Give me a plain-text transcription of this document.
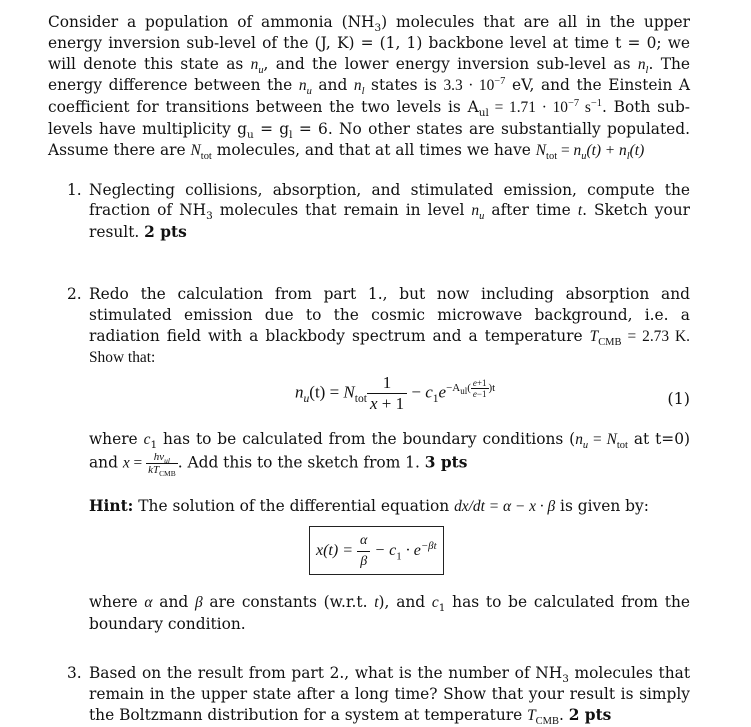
Consider a population of ammonia $(NH_3)$ molecules that are all in the upper energy inversion sub-level of the (J, K) = (1, 1) backbone level at time t = 0; we will denote this state as $n_u$, and the lower energy inversion sub-level as $n_l$. The energy difference between the $n_u$ and $n_l$ states is $3.3 \cdot 10^{-7}$ eV, and the Einstein A coefficient for transitions between the two levels is $A_{ul} = 1.71 \cdot 10^{-7}$ $s^{-1}$. Both sub-levels have multiplicity $g_u = g_l = 6$. No other states are substantially populated. Assume there are $N_{tot}$ molecules, and that at all times we have $N_{tot} = n_u(t) + n_l(t)$

1. Neglecting collisions, absorption, and stimulated emission, compute the fraction of $NH_3$ molecules that remain in level $n_u$ after time t. Sketch your result. 2 pts
2. Redo the calculation from part 1., but now including absorption and stimulated emission due to the cosmic microwave background, i.e. a radiation field with a blackbody spectrum and a temperature $T_{CMB} = 2.73$ K. Show that:
$n_u(t) = N_{tot} \frac{1}{x + 1} - c_1e^{-A_{ul}( \frac{e+1}{e-1} )t}$
(1)
where $c_1$ has to be calculated from the boundary conditions ($n_u = N_{tot}$ at t=0) and $x = \frac{h\nu_{ul}}{kT_{CMB}}$ . Add this to the sketch from 1. 3 pts
Hint: The solution of the differential equation dx/dt = α − x · β is given by:
$x(t) = \frac{\alpha}{\beta} - c_1 \cdot e^{-\beta t}$
where α and β are constants (w.r.t. t), and $c_1$ has to be calculated from the boundary condition.
3. Based on the result from part 2., what is the number of $NH_3$ molecules that remain in the upper state after a long time? Show that your result is simply the Boltzmann distribution for a system at temperature $T_{CMB}$. 2 pts
